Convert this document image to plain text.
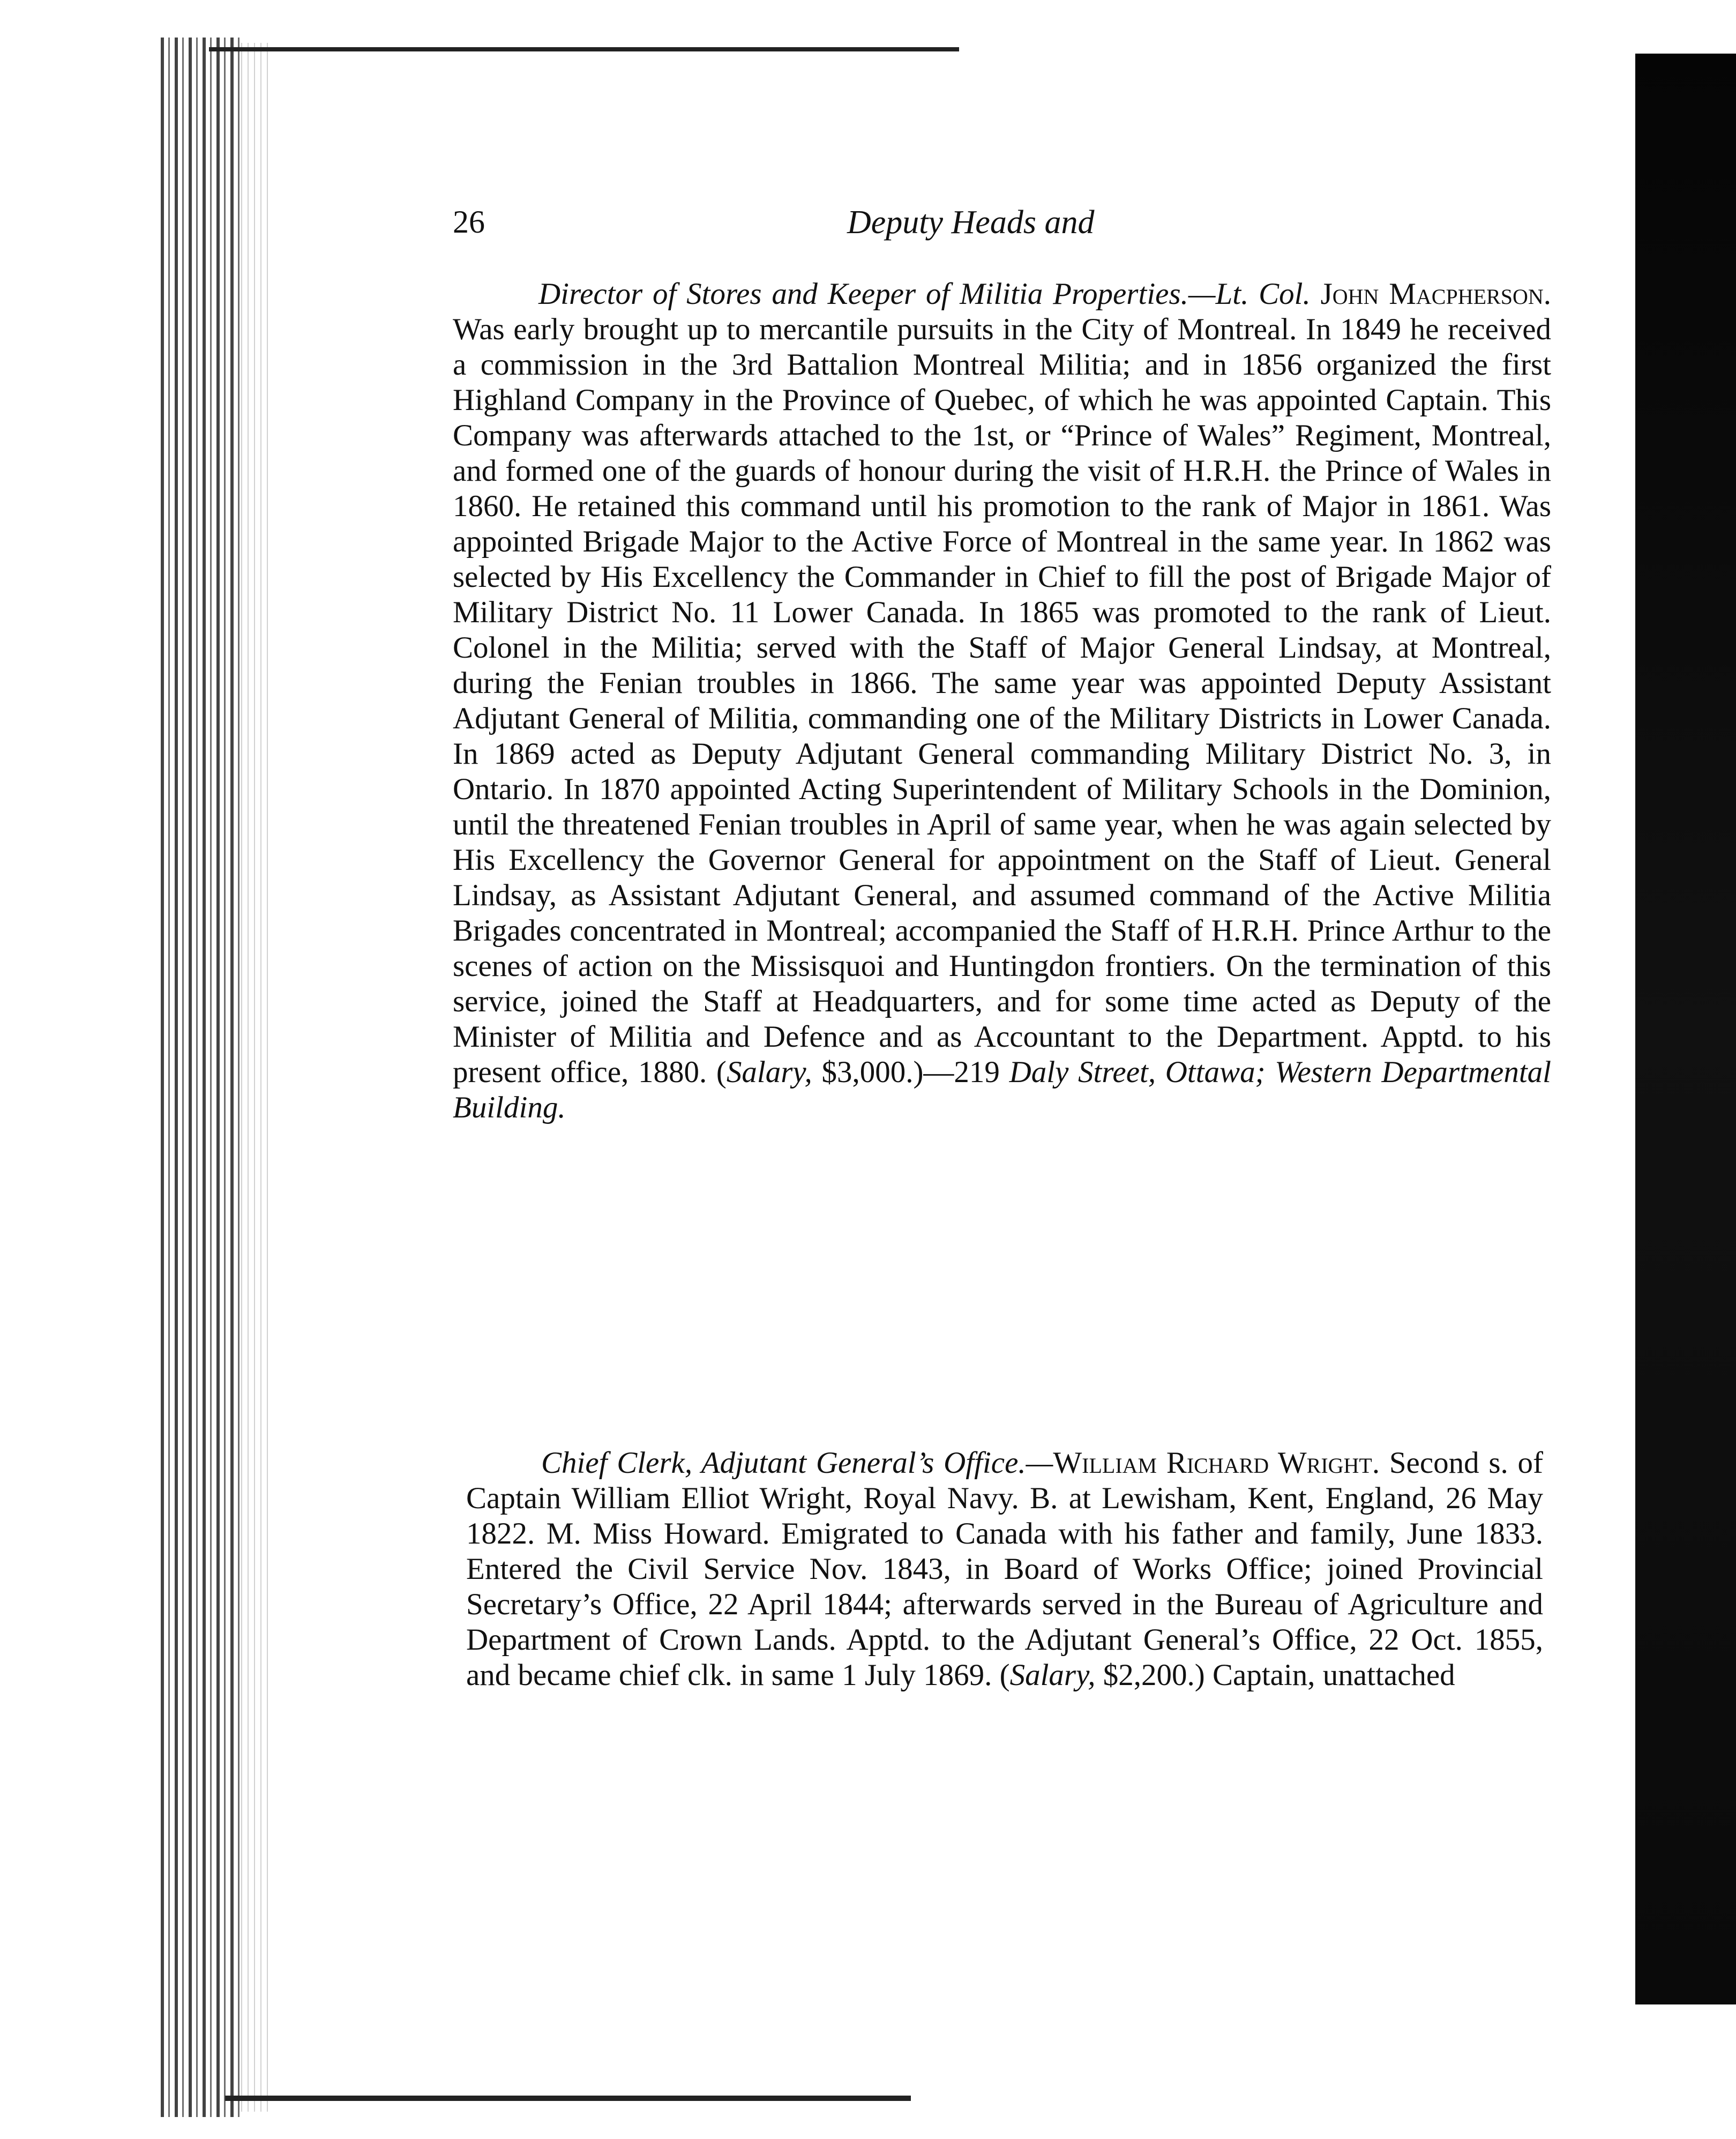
26	Deputy Heads and
Director of Stores and Keeper of Militia Properties.—Lt. Col. John Macpherson. Was early brought up to mercantile pursuits in the City of Montreal. In 1849 he received a commission in the 3rd Battalion Montreal Militia; and in 1856 organized the first Highland Company in the Province of Quebec, of which he was appointed Captain. This Company was afterwards attached to the 1st, or “Prince of Wales” Regiment, Montreal, and formed one of the guards of honour during the visit of H.R.H. the Prince of Wales in 1860. He retained this command until his promotion to the rank of Major in 1861. Was appointed Brigade Major to the Active Force of Montreal in the same year. In 1862 was selected by His Excellency the Commander in Chief to fill the post of Brigade Major of Military District No. 11 Lower Canada. In 1865 was promoted to the rank of Lieut. Colonel in the Militia; served with the Staff of Major General Lindsay, at Montreal, during the Fenian troubles in 1866. The same year was appointed Deputy Assistant Adjutant General of Militia, commanding one of the Military Districts in Lower Canada. In 1869 acted as Deputy Adjutant General commanding Military District No. 3, in Ontario. In 1870 appointed Acting Superintendent of Military Schools in the Dominion, until the threatened Fenian troubles in April of same year, when he was again selected by His Excellency the Governor General for appointment on the Staff of Lieut. General Lindsay, as Assistant Adjutant General, and assumed command of the Active Militia Brigades concentrated in Montreal; accompanied the Staff of H.R.H. Prince Arthur to the scenes of action on the Missisquoi and Huntingdon frontiers. On the termination of this service, joined the Staff at Headquarters, and for some time acted as Deputy of the Minister of Militia and Defence and as Accountant to the Department. Apptd. to his present office, 1880. (Salary, $3,000.)—219 Daly Street, Ottawa; Western Departmental Building.
Chief Clerk, Adjutant General’s Office.—William Richard Wright. Second s. of Captain William Elliot Wright, Royal Navy. B. at Lewisham, Kent, England, 26 May 1822. M. Miss Howard. Emigrated to Canada with his father and family, June 1833. Entered the Civil Service Nov. 1843, in Board of Works Office; joined Provincial Secretary’s Office, 22 April 1844; afterwards served in the Bureau of Agriculture and Department of Crown Lands. Apptd. to the Adjutant General’s Office, 22 Oct. 1855, and became chief clk. in same 1 July 1869. (Salary, $2,200.) Captain, unattached
